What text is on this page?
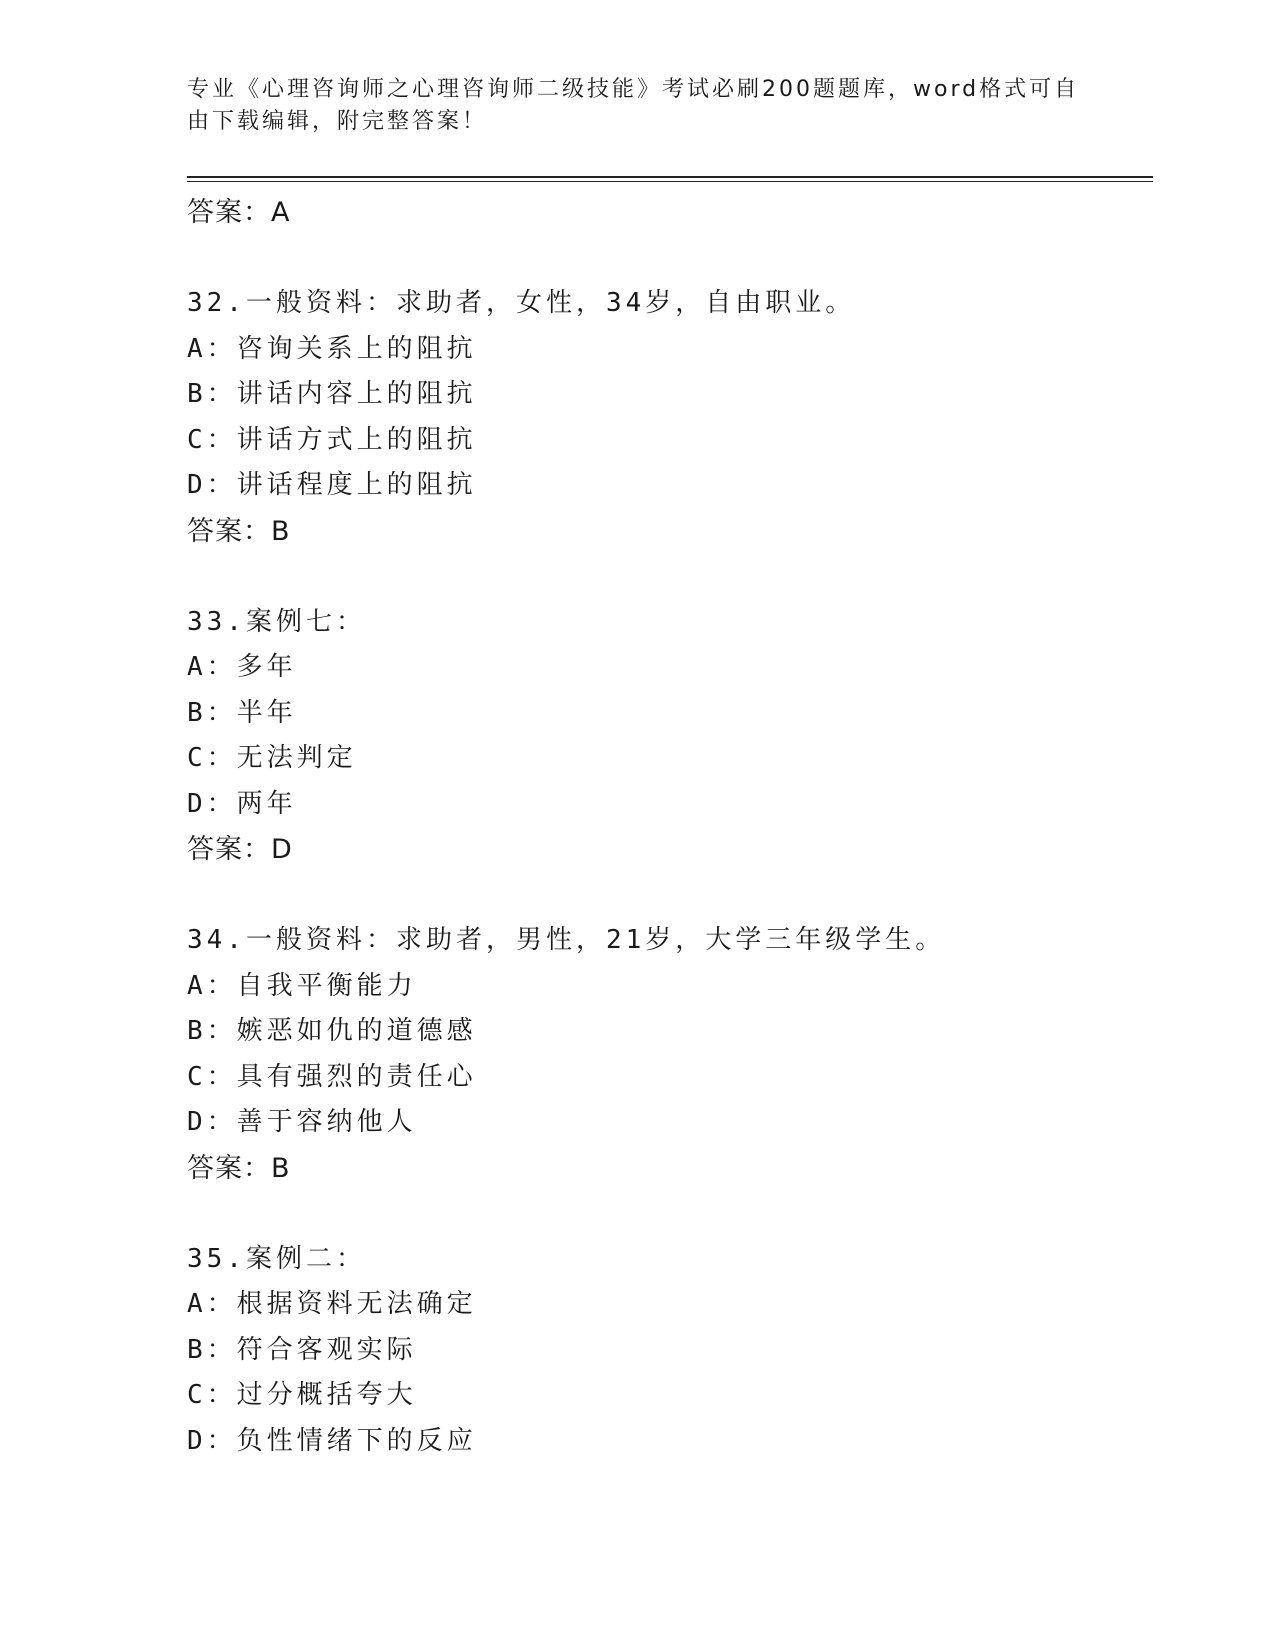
专业《心理咨询师之心理咨询师二级技能》考试必刷200题题库，word格式可自
由下载编辑，附完整答案！
答案：A
32.一般资料：求助者，女性，34岁，自由职业。
A：咨询关系上的阻抗
B：讲话内容上的阻抗
C：讲话方式上的阻抗
D：讲话程度上的阻抗
答案：B
33.案例七：
A：多年
B：半年
C：无法判定
D：两年
答案：D
34.一般资料：求助者，男性，21岁，大学三年级学生。
A：自我平衡能力
B：嫉恶如仇的道德感
C：具有强烈的责任心
D：善于容纳他人
答案：B
35.案例二：
A：根据资料无法确定
B：符合客观实际
C：过分概括夸大
D：负性情绪下的反应
